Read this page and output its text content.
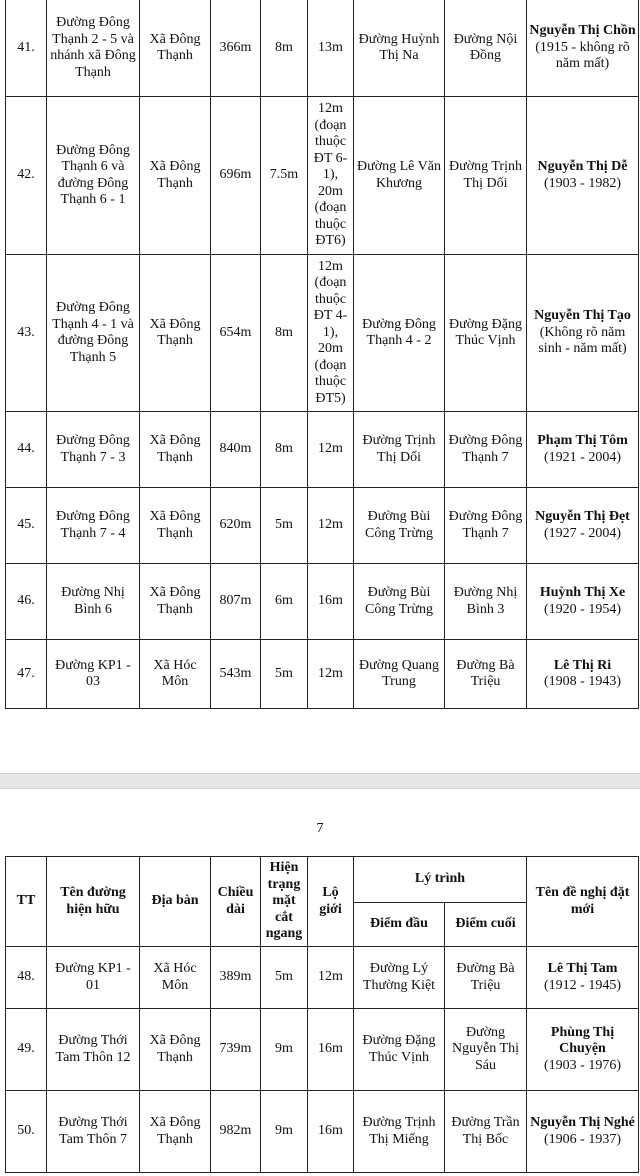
41.	Đường Đông Thạnh 2 - 5 và nhánh xã Đông Thạnh	Xã Đông Thạnh	366m	8m	13m	Đường Huỳnh Thị Na	Đường Nội Đồng	Nguyễn Thị Chồn
(1915 - không rõ năm mất)

42.	Đường Đông Thạnh 6 và đường Đông Thạnh 6 - 1	Xã Đông Thạnh	696m	7.5m	12m (đoạn thuộc ĐT 6-1), 20m (đoạn thuộc ĐT6)	Đường Lê Văn Khương	Đường Trịnh Thị Dối	Nguyễn Thị Dễ
(1903 - 1982)

43.	Đường Đông Thạnh 4 - 1 và đường Đông Thạnh 5	Xã Đông Thạnh	654m	8m	12m (đoạn thuộc ĐT 4-1), 20m (đoạn thuộc ĐT5)	Đường Đông Thạnh 4 - 2	Đường Đặng Thúc Vịnh	Nguyễn Thị Tạo
(Không rõ năm sinh - năm mất)

44.	Đường Đông Thạnh 7 - 3	Xã Đông Thạnh	840m	8m	12m	Đường Trịnh Thị Dối	Đường Đông Thạnh 7	Phạm Thị Tôm
(1921 - 2004)

45.	Đường Đông Thạnh 7 - 4	Xã Đông Thạnh	620m	5m	12m	Đường Bùi Công Trừng	Đường Đông Thạnh 7	Nguyễn Thị Đẹt
(1927 - 2004)

46.	Đường Nhị Bình 6	Xã Đông Thạnh	807m	6m	16m	Đường Bùi Công Trừng	Đường Nhị Bình 3	Huỳnh Thị Xe
(1920 - 1954)

47.	Đường KP1 - 03	Xã Hóc Môn	543m	5m	12m	Đường Quang Trung	Đường Bà Triệu	Lê Thị Ri
(1908 - 1943)
7
TT	Tên đường hiện hữu	Địa bàn	Chiều dài	Hiện trạng mặt cắt ngang	Lộ giới	Lý trình		Tên đề nghị đặt mới
						Điểm đầu	Điểm cuối	
48.	Đường KP1 - 01	Xã Hóc Môn	389m	5m	12m	Đường Lý Thường Kiệt	Đường Bà Triệu	Lê Thị Tam
(1912 - 1945)

49.	Đường Thới Tam Thôn 12	Xã Đông Thạnh	739m	9m	16m	Đường Đặng Thúc Vịnh	Đường Nguyễn Thị Sáu	Phùng Thị Chuyện
(1903 - 1976)

50.	Đường Thới Tam Thôn 7	Xã Đông Thạnh	982m	9m	16m	Đường Trịnh Thị Miếng	Đường Trần Thị Bốc	Nguyễn Thị Nghé
(1906 - 1937)
